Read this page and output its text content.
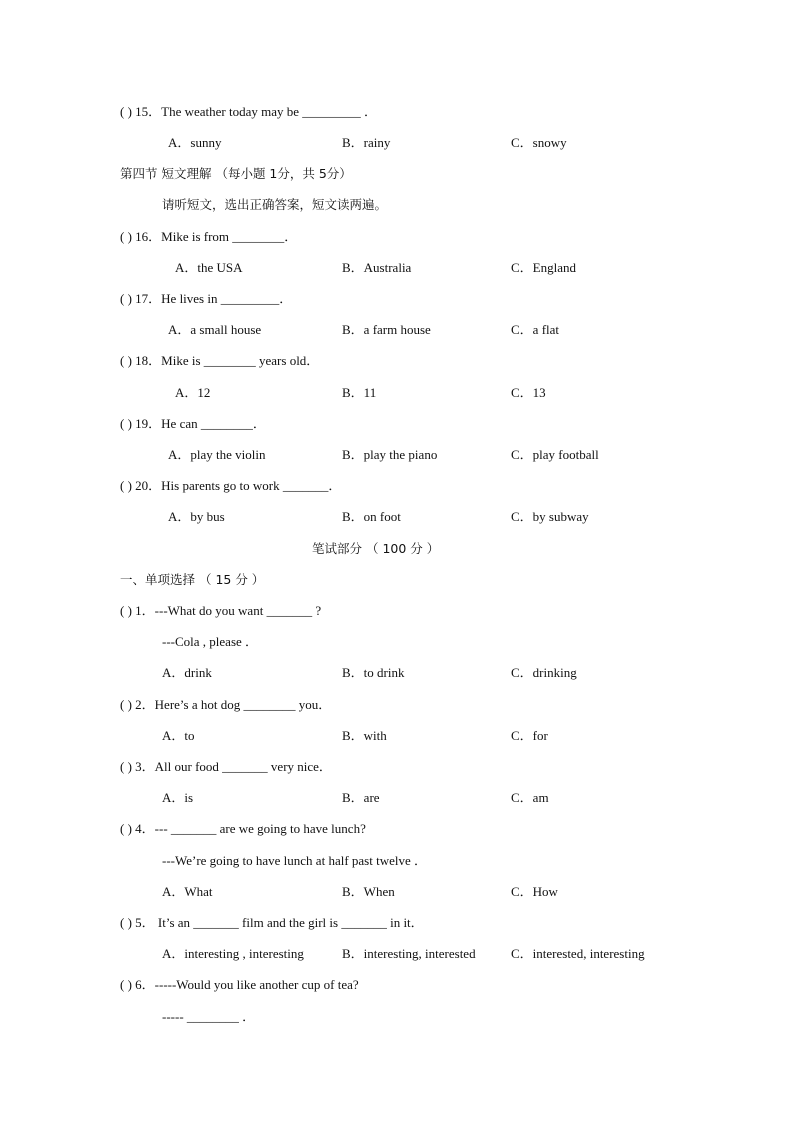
( ) 15．The weather today may be _________ ．
A．sunny	B．rainy	C．snowy
第四节 短文理解 （每小题 1分，共 5分）
请听短文，选出正确答案，短文读两遍。
( ) 16．Mike is from ________．
A．the USA	B．Australia	C．England
( ) 17．He lives in _________．
A．a small house	B．a farm house	C．a flat
( ) 18．Mike is ________ years old．
A．12	B．11	C．13
( ) 19．He can ________．
A．play the violin	B．play the piano	C．play football
( ) 20．His parents go to work _______．
A．by bus	B．on foot	C．by subway
笔试部分 （ 100 分 ）
一、单项选择 （ 15 分 ）
( ) 1．---What do you want _______ ?
---Cola , please ．
A．drink	B．to drink	C．drinking
( ) 2．Here’s a hot dog ________ you．
A．to	B．with	C．for
( ) 3．All our food _______ very nice．
A．is	B．are	C．am
( ) 4．--- _______ are we going to have lunch?
---We’re going to have lunch at half past twelve ．
A．What	B．When	C．How
( ) 5． It’s an _______ film and the girl is _______ in it．
A．interesting , interesting	B．interesting, interested	C．interested, interesting
( ) 6．-----Would you like another cup of tea?
----- ________ ．
